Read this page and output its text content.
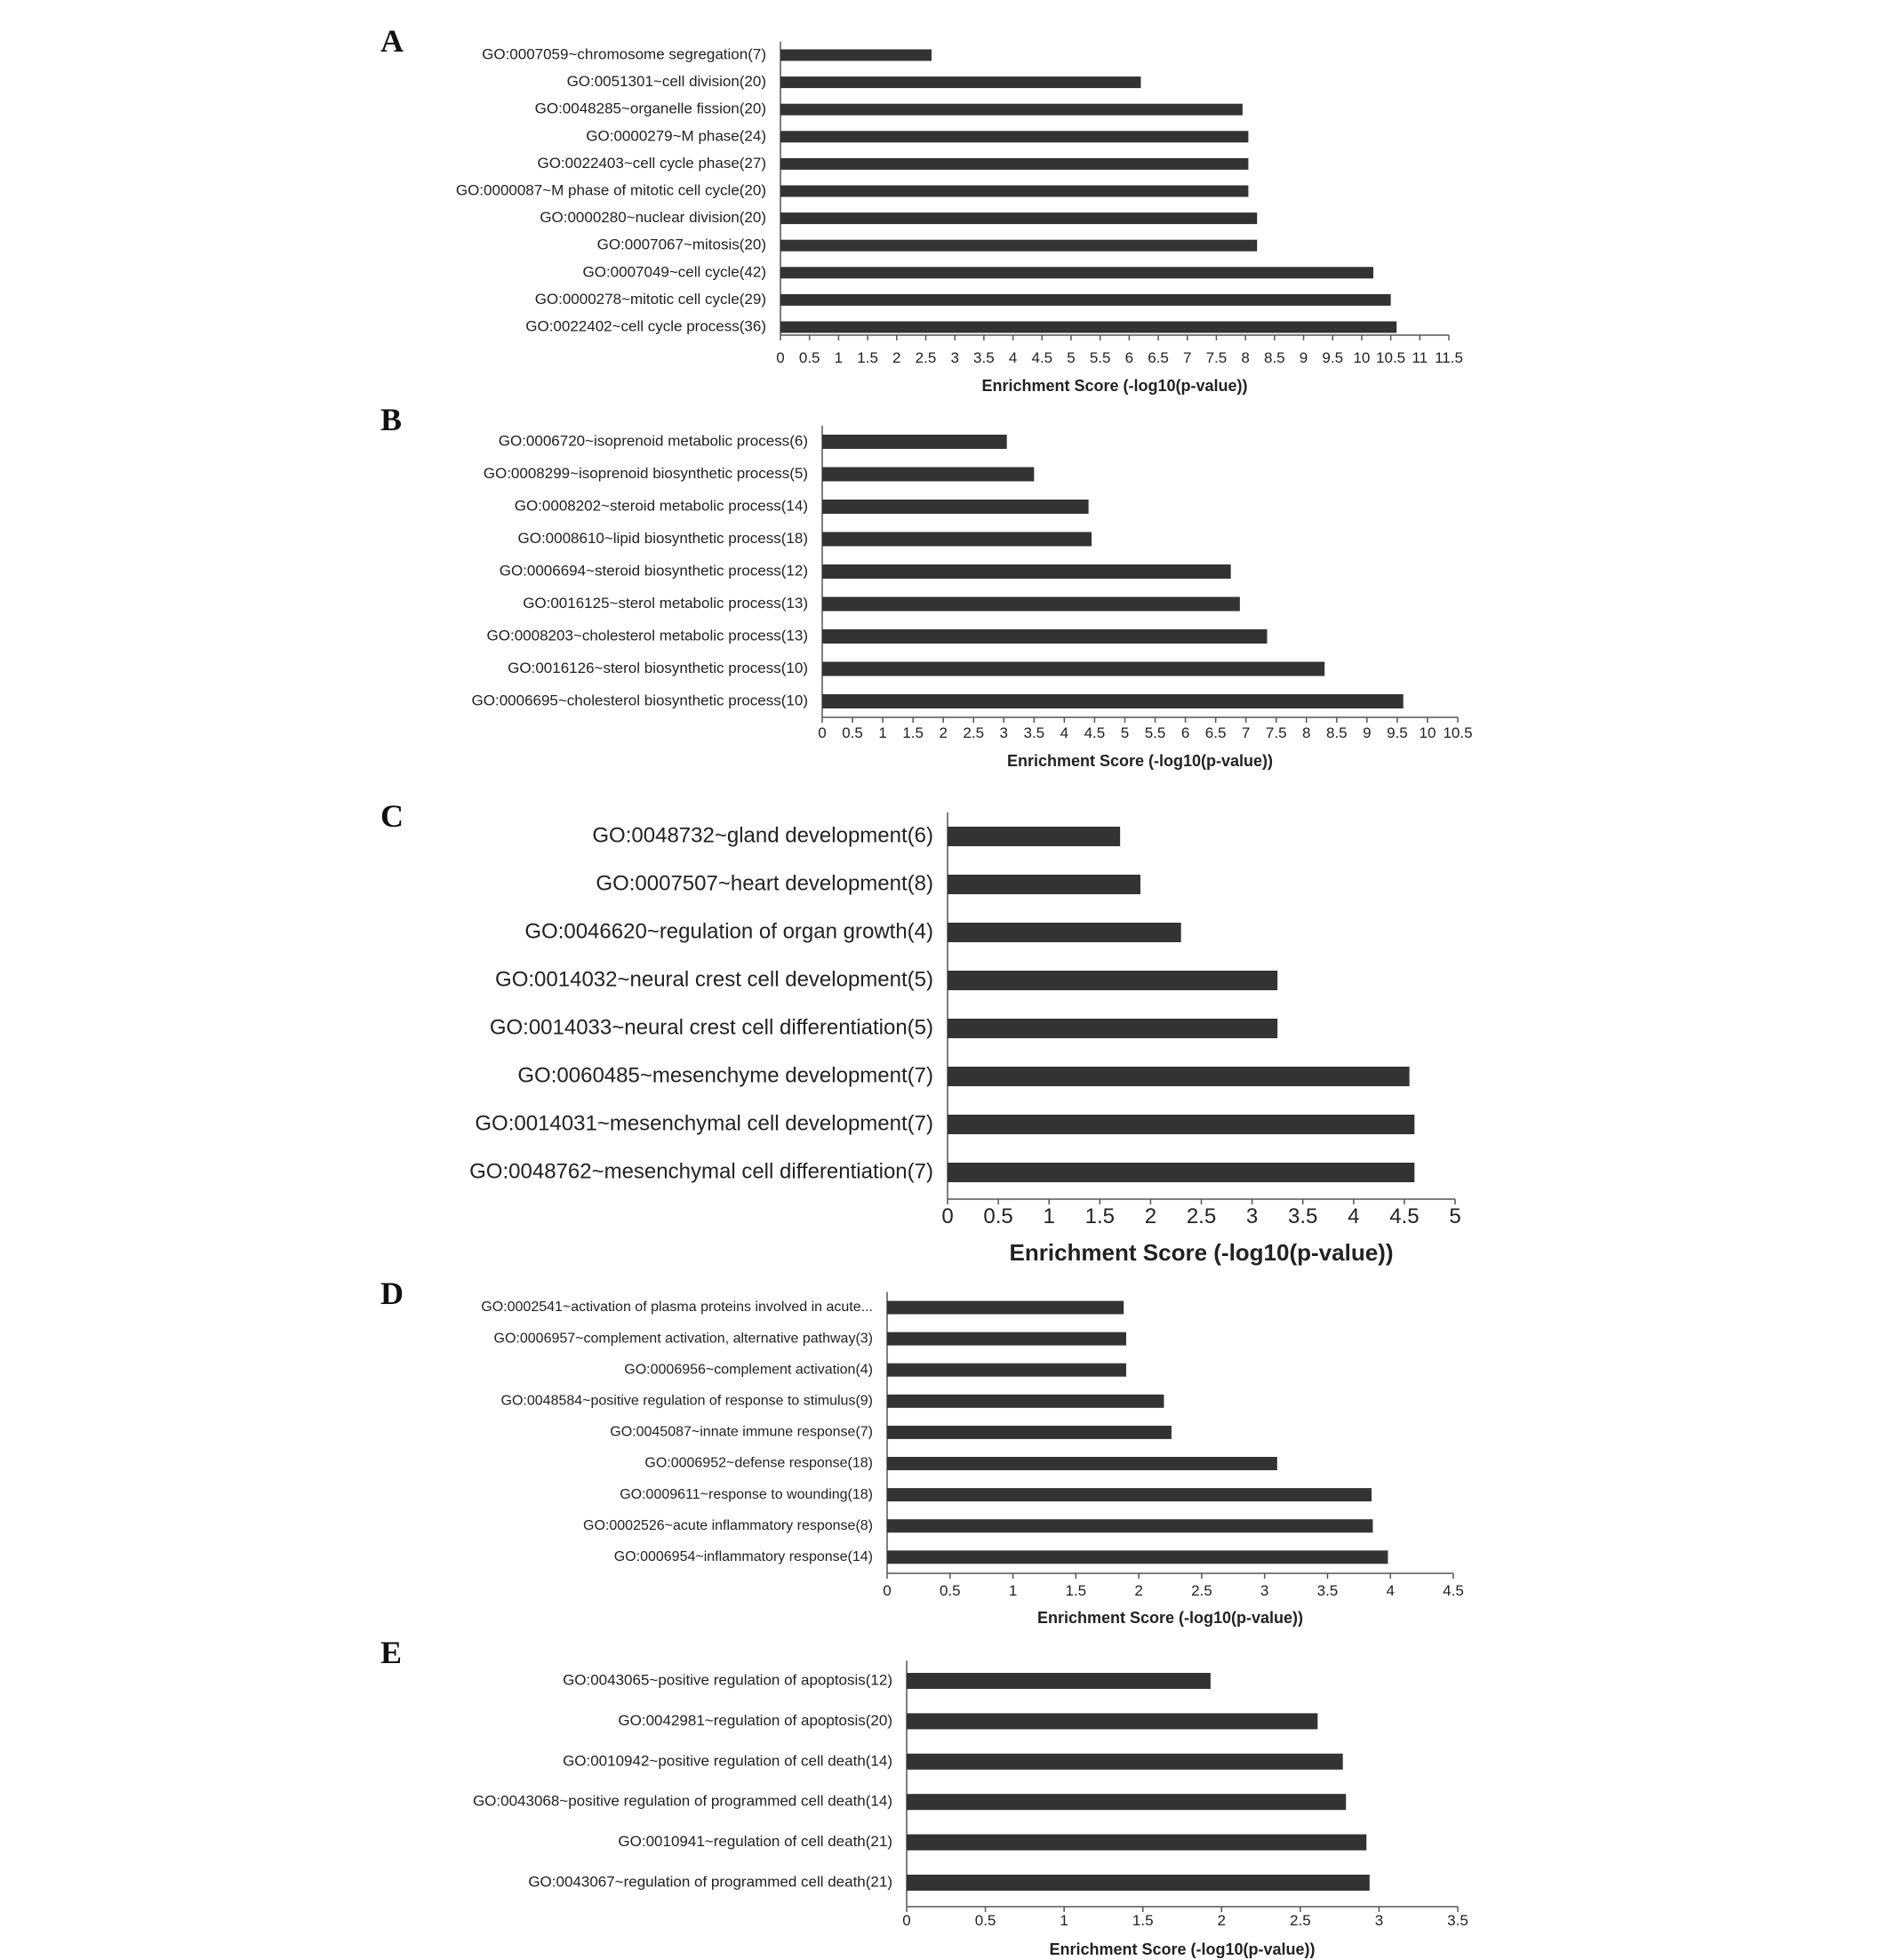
A	GO:0007059~chromosome segregation(7)
GO:0051301~cell division(20)
GO:0048285~organelle fission(20)
GO:0000279~M phase(24)
GO:0022403~cell cycle phase(27)
GO:0000087~M phase of mitotic cell cycle(20)
GO:0000280~nuclear division(20)
GO:0007067~mitosis(20)
GO:0007049~cell cycle(42)
GO:0000278~mitotic cell cycle(29)
GO:0022402~cell cycle process(36)
0 0.5 1 1.5 2 2.5 3 3.5 4 4.5 5 5.5 6 6.5 7 7.5 8 8.5 9 9.5 10 10.5 11 11.5
Enrichment Score (-log10(p-value))
B
GO:0006720~isoprenoid metabolic process(6)
GO:0008299~isoprenoid biosynthetic process(5)
GO:0008202~steroid metabolic process(14)
GO:0008610~lipid biosynthetic process(18)
GO:0006694~steroid biosynthetic process(12)
GO:0016125~sterol metabolic process(13)
GO:0008203~cholesterol metabolic process(13)
GO:0016126~sterol biosynthetic process(10)
GO:0006695~cholesterol biosynthetic process(10)
0 0.5 1 1.5 2 2.5 3 3.5 4 4.5 5 5.5 6 6.5 7 7.5 8 8.5 9 9.5 10 10.5
Enrichment Score (-log10(p-value))
C
GO:0048732~gland development(6)
GO:0007507~heart development(8)
GO:0046620~regulation of organ growth(4)
GO:0014032~neural crest cell development(5)
GO:0014033~neural crest cell differentiation(5)
GO:0060485~mesenchyme development(7)
GO:0014031~mesenchymal cell development(7)
GO:0048762~mesenchymal cell differentiation(7)
0 0.5 1 1.5 2 2.5 3 3.5 4 4.5 5
Enrichment Score (-log10(p-value))
D	GO:0002541~activation of plasma proteins involved in acute...
GO:0006957~complement activation, alternative pathway(3)
GO:0006956~complement activation(4)
GO:0048584~positive regulation of response to stimulus(9)
GO:0045087~innate immune response(7)
GO:0006952~defense response(18)
GO:0009611~response to wounding(18)
GO:0002526~acute inflammatory response(8)
GO:0006954~inflammatory response(14)
0	0.5	1	1.5	2	2.5	3	3.5	4	4.5
Enrichment Score (-log10(p-value))
E
GO:0043065~positive regulation of apoptosis(12)
GO:0042981~regulation of apoptosis(20)
GO:0010942~positive regulation of cell death(14)
GO:0043068~positive regulation of programmed cell death(14)
GO:0010941~regulation of cell death(21)
GO:0043067~regulation of programmed cell death(21)
0	0.5	1	1.5	2	2.5	3	3.5
Enrichment Score (-log10(p-value))
